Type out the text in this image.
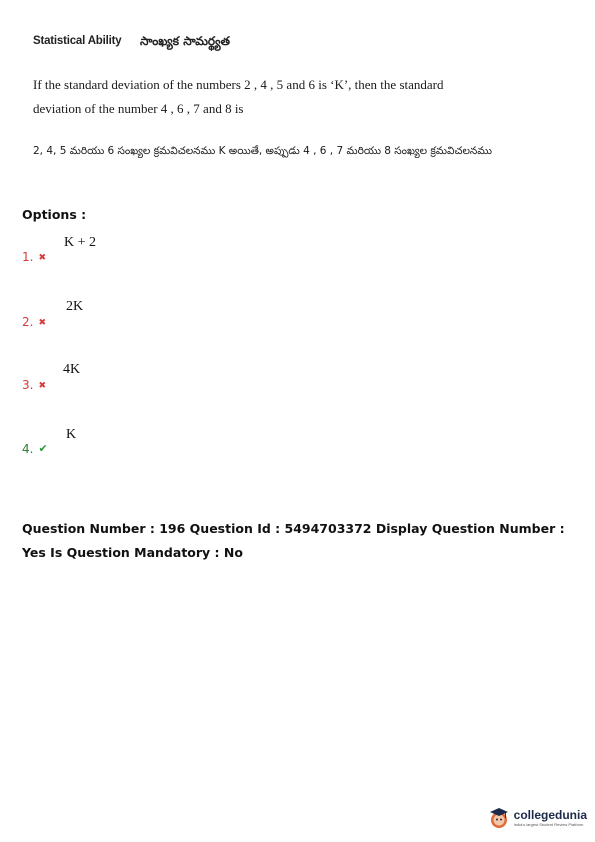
Statistical Ability సాంఖ్యక సామర్థ్యత
If the standard deviation of the numbers 2 , 4 , 5 and 6 is ‘K’, then the standard deviation of the number 4 , 6 , 7 and 8 is
2, 4, 5 మరియు 6 సంఖ్యల క్రమవిచలనము K అయితే, అప్పుడు 4 , 6 , 7 మరియు 8 సంఖ్యల క్రమవిచలనము
Options :
1. ✖
K + 2
2. ✖
2K
3. ✖
4K
4. ✔
K
Question Number : 196 Question Id : 5494703372 Display Question Number : Yes Is Question Mandatory : No
collegedunia
India's largest Student Review Platform
